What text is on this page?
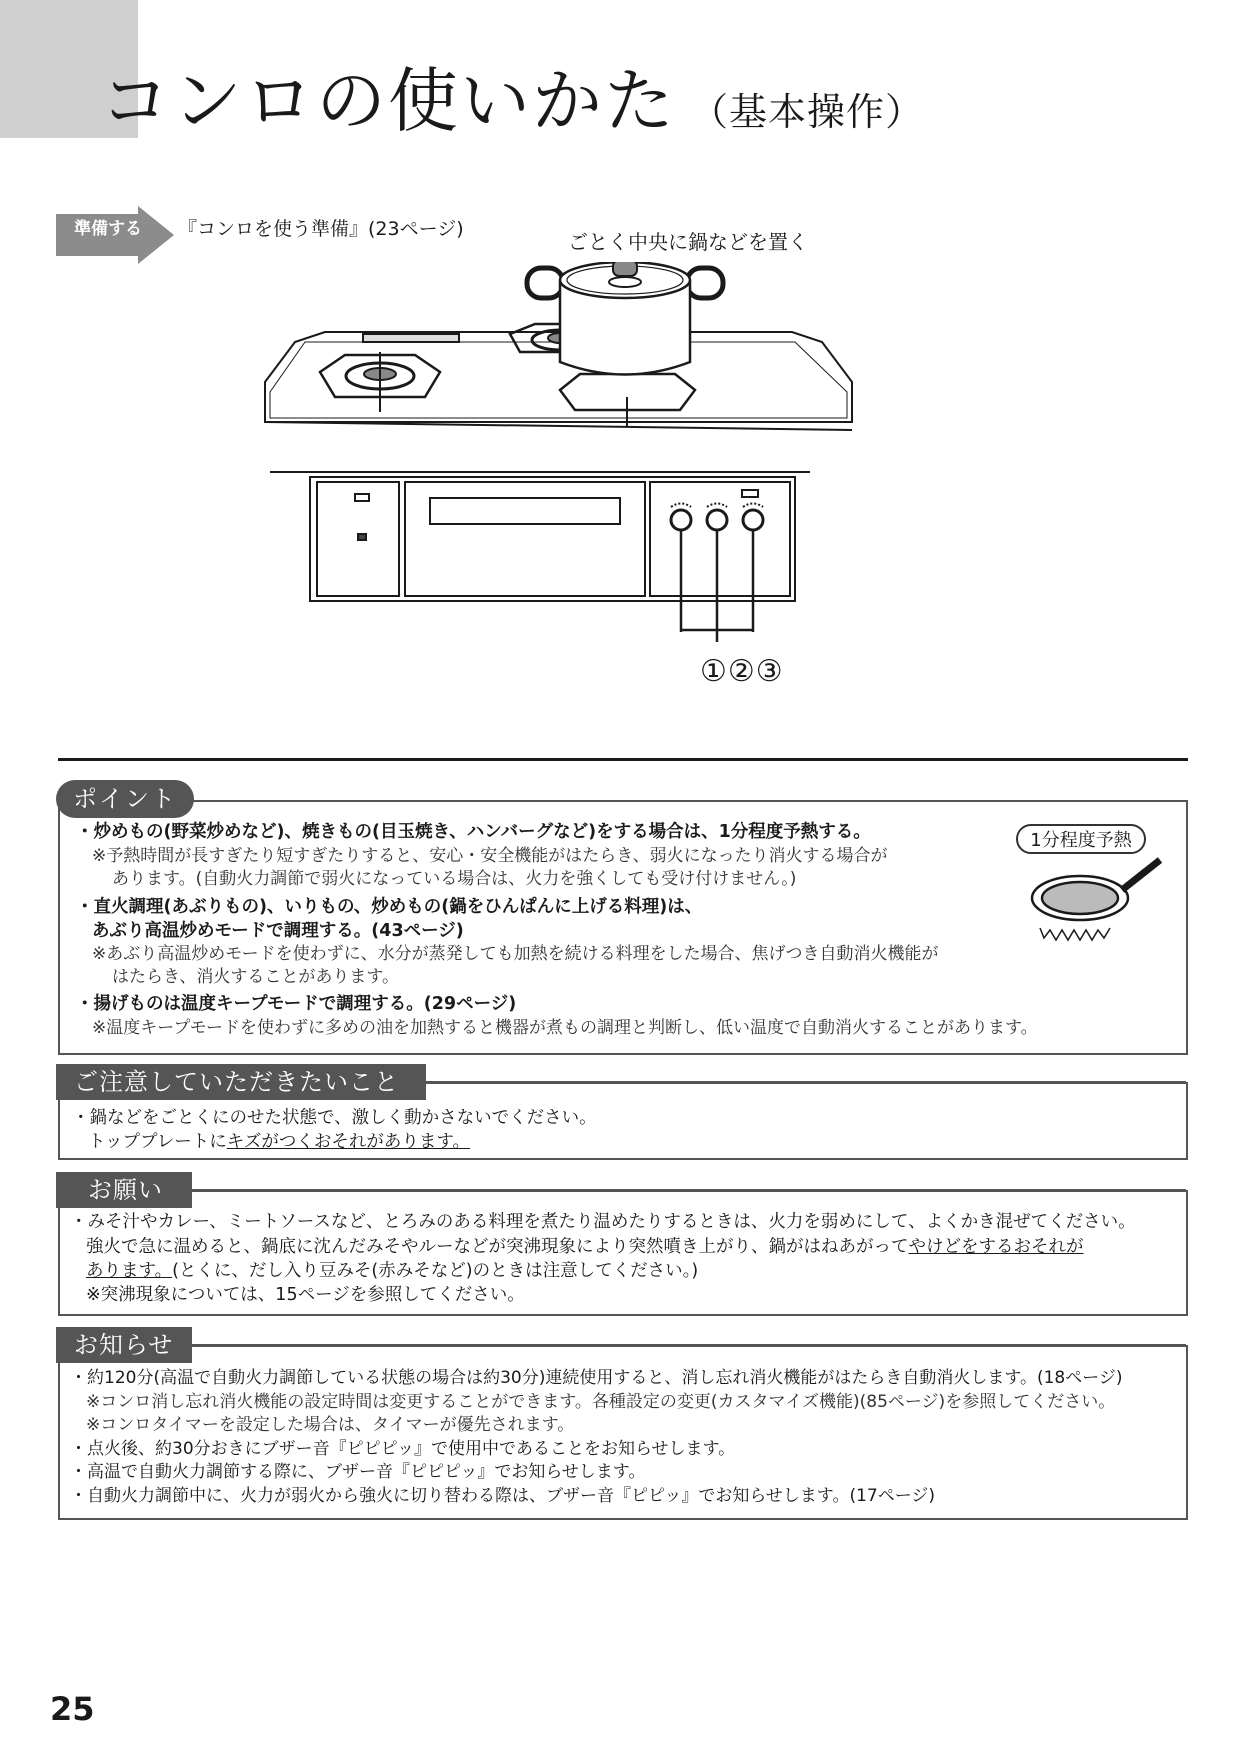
コンロの使いかた （基本操作）
準備する 『コンロを使う準備』(23ページ)
ごとく中央に鍋などを置く
①②③
ポイント
1分程度予熱
・炒めもの(野菜炒めなど)、焼きもの(目玉焼き、ハンバーグなど)をする場合は、1分程度予熱する。
※予熱時間が長すぎたり短すぎたりすると、安心・安全機能がはたらき、弱火になったり消火する場合が
あります。(自動火力調節で弱火になっている場合は、火力を強くしても受け付けません。)
・直火調理(あぶりもの)、いりもの、炒めもの(鍋をひんぱんに上げる料理)は、
あぶり高温炒めモードで調理する。(43ページ)
※あぶり高温炒めモードを使わずに、水分が蒸発しても加熱を続ける料理をした場合、焦げつき自動消火機能が
はたらき、消火することがあります。
・揚げものは温度キープモードで調理する。(29ページ)
※温度キープモードを使わずに多めの油を加熱すると機器が煮もの調理と判断し、低い温度で自動消火することがあります。
ご注意していただきたいこと
・鍋などをごとくにのせた状態で、激しく動かさないでください。
トッププレートにキズがつくおそれがあります。
お願い
・みそ汁やカレー、ミートソースなど、とろみのある料理を煮たり温めたりするときは、火力を弱めにして、よくかき混ぜてください。
強火で急に温めると、鍋底に沈んだみそやルーなどが突沸現象により突然噴き上がり、鍋がはねあがってやけどをするおそれが
あります。(とくに、だし入り豆みそ(赤みそなど)のときは注意してください。)
※突沸現象については、15ページを参照してください。
お知らせ
・約120分(高温で自動火力調節している状態の場合は約30分)連続使用すると、消し忘れ消火機能がはたらき自動消火します。(18ページ)
※コンロ消し忘れ消火機能の設定時間は変更することができます。各種設定の変更(カスタマイズ機能)(85ページ)を参照してください。
※コンロタイマーを設定した場合は、タイマーが優先されます。
・点火後、約30分おきにブザー音『ピピピッ』で使用中であることをお知らせします。
・高温で自動火力調節する際に、ブザー音『ピピピッ』でお知らせします。
・自動火力調節中に、火力が弱火から強火に切り替わる際は、ブザー音『ピピッ』でお知らせします。(17ページ)
25
